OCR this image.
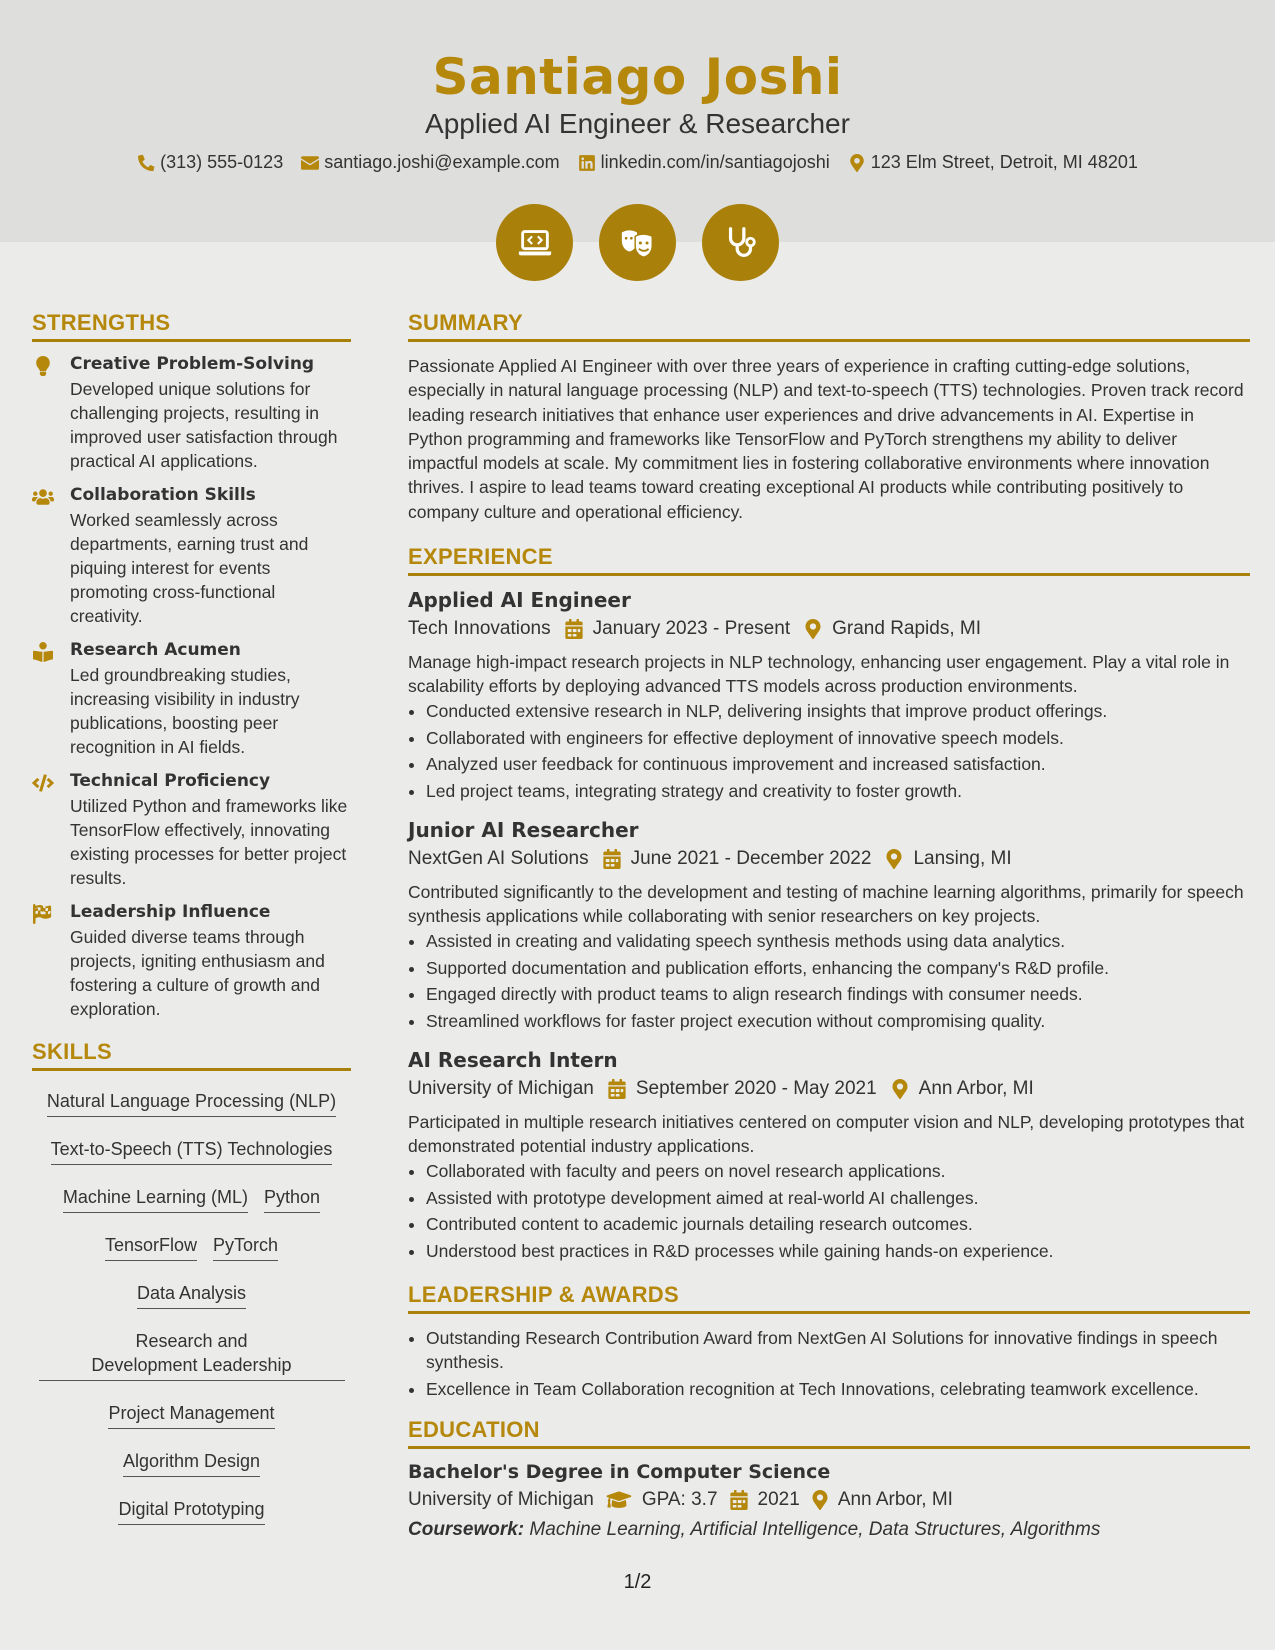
Santiago Joshi
Applied AI Engineer & Researcher
(313) 555-0123 santiago.joshi@example.com linkedin.com/in/santiagojoshi 123 Elm Street, Detroit, MI 48201
STRENGTHS
Creative Problem-Solving
Developed unique solutions for challenging projects, resulting in improved user satisfaction through practical AI applications.
Collaboration Skills
Worked seamlessly across departments, earning trust and piquing interest for events promoting cross-functional creativity.
Research Acumen
Led groundbreaking studies, increasing visibility in industry publications, boosting peer recognition in AI fields.
Technical Proficiency
Utilized Python and frameworks like TensorFlow effectively, innovating existing processes for better project results.
Leadership Influence
Guided diverse teams through projects, igniting enthusiasm and fostering a culture of growth and exploration.
SKILLS
Natural Language Processing (NLP)
Text-to-Speech (TTS) Technologies
Machine Learning (ML) Python
TensorFlow PyTorch
Data Analysis
Research and Development Leadership
Project Management
Algorithm Design
Digital Prototyping
SUMMARY
Passionate Applied AI Engineer with over three years of experience in crafting cutting-edge solutions, especially in natural language processing (NLP) and text-to-speech (TTS) technologies. Proven track record leading research initiatives that enhance user experiences and drive advancements in AI. Expertise in Python programming and frameworks like TensorFlow and PyTorch strengthens my ability to deliver impactful models at scale. My commitment lies in fostering collaborative environments where innovation thrives. I aspire to lead teams toward creating exceptional AI products while contributing positively to company culture and operational efficiency.
EXPERIENCE
Applied AI Engineer
Tech Innovations January 2023 - Present Grand Rapids, MI
Manage high-impact research projects in NLP technology, enhancing user engagement. Play a vital role in scalability efforts by deploying advanced TTS models across production environments.
• Conducted extensive research in NLP, delivering insights that improve product offerings.
• Collaborated with engineers for effective deployment of innovative speech models.
• Analyzed user feedback for continuous improvement and increased satisfaction.
• Led project teams, integrating strategy and creativity to foster growth.
Junior AI Researcher
NextGen AI Solutions June 2021 - December 2022 Lansing, MI
Contributed significantly to the development and testing of machine learning algorithms, primarily for speech synthesis applications while collaborating with senior researchers on key projects.
• Assisted in creating and validating speech synthesis methods using data analytics.
• Supported documentation and publication efforts, enhancing the company's R&D profile.
• Engaged directly with product teams to align research findings with consumer needs.
• Streamlined workflows for faster project execution without compromising quality.
AI Research Intern
University of Michigan September 2020 - May 2021 Ann Arbor, MI
Participated in multiple research initiatives centered on computer vision and NLP, developing prototypes that demonstrated potential industry applications.
• Collaborated with faculty and peers on novel research applications.
• Assisted with prototype development aimed at real-world AI challenges.
• Contributed content to academic journals detailing research outcomes.
• Understood best practices in R&D processes while gaining hands-on experience.
LEADERSHIP & AWARDS
• Outstanding Research Contribution Award from NextGen AI Solutions for innovative findings in speech synthesis.
• Excellence in Team Collaboration recognition at Tech Innovations, celebrating teamwork excellence.
EDUCATION
Bachelor's Degree in Computer Science
University of Michigan	GPA: 3.7 2021 Ann Arbor, MI
Coursework: Machine Learning, Artificial Intelligence, Data Structures, Algorithms
1/2
